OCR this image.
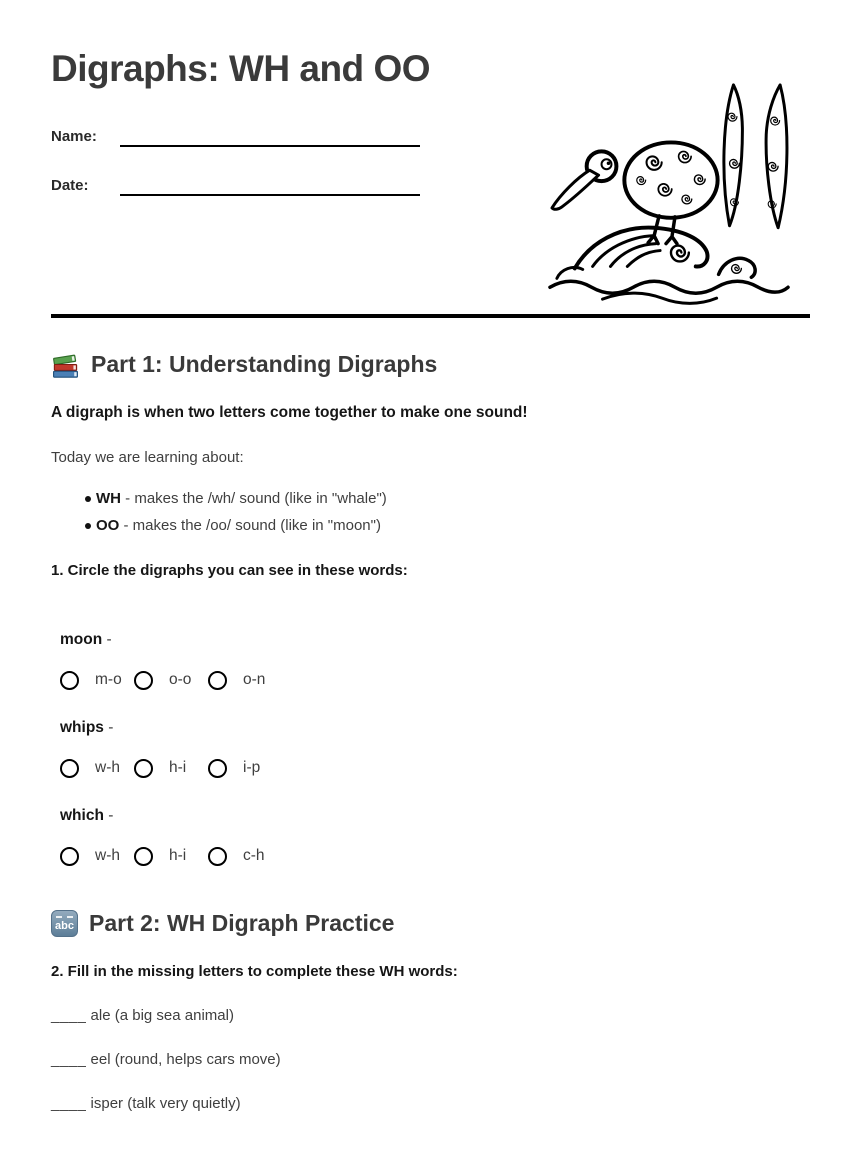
Digraphs: WH and OO
Name:
Date:
Part 1: Understanding Digraphs

A digraph is when two letters come together to make one sound!

Today we are learning about:

WH - makes the /wh/ sound (like in "whale")
OO - makes the /oo/ sound (like in "moon")

1. Circle the digraphs you can see in these words:

moon -

m-o	o-o	o-n

whips -

w-h	h-i	i-p

which -

w-h	h-i	c-h
abc Part 2: WH Digraph Practice

2. Fill in the missing letters to complete these WH words:

____ ale (a big sea animal)

____ eel (round, helps cars move)

____ isper (talk very quietly)
